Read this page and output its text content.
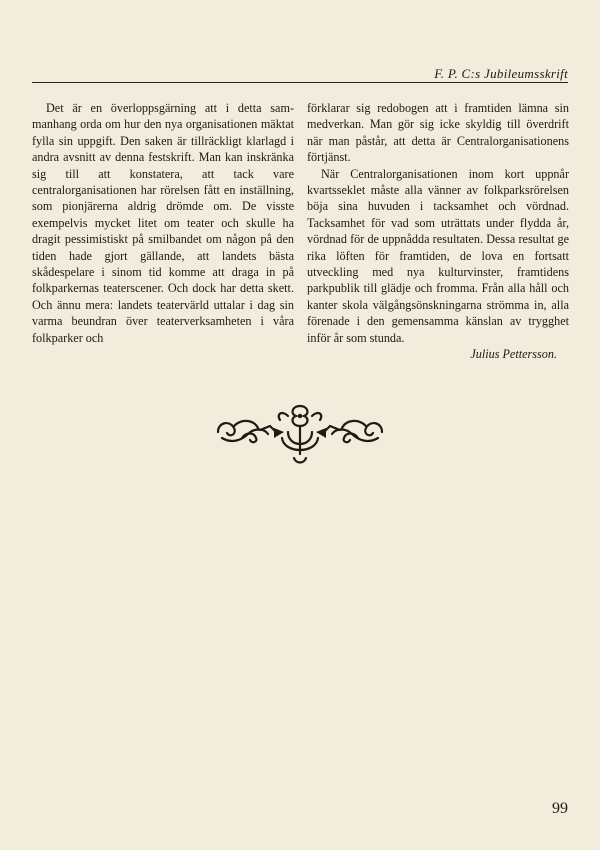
F. P. C:s Jubileumsskrift

Det är en överloppsgärning att i detta sammanhang orda om hur den nya organisationen mäktat fylla sin uppgift. Den saken är tillräckligt klarlagd i andra avsnitt av denna festskrift. Man kan inskränka sig till att konstatera, att tack vare centralorganisationen har rörelsen fått en inställning, som pionjärerna aldrig drömde om. De visste exempelvis mycket litet om teater och skulle ha dragit pessimistiskt på smilbandet om någon på den tiden hade gjort gällande, att landets bästa skådespelare i sinom tid komme att draga in på folkparkernas teaterscener. Och dock har detta skett. Och ännu mera: landets teatervärld uttalar i dag sin varma beundran över teaterverksamheten i våra folkparker och

förklarar sig redobogen att i framtiden lämna sin medverkan. Man gör sig icke skyldig till överdrift när man påstår, att detta är Centralorganisationens förtjänst.

När Centralorganisationen inom kort uppnår kvartsseklet måste alla vänner av folkparksrörelsen böja sina huvuden i tacksamhet och vördnad. Tacksamhet för vad som uträttats under flydda år, vördnad för de uppnådda resultaten. Dessa resultat ge rika löften för framtiden, de lova en fortsatt utveckling med nya kulturvinster, framtidens parkpublik till glädje och fromma. Från alla håll och kanter skola välgångsönskningarna strömma in, alla förenade i den gemensamma känslan av trygghet inför år som stunda.

Julius Pettersson.

99
